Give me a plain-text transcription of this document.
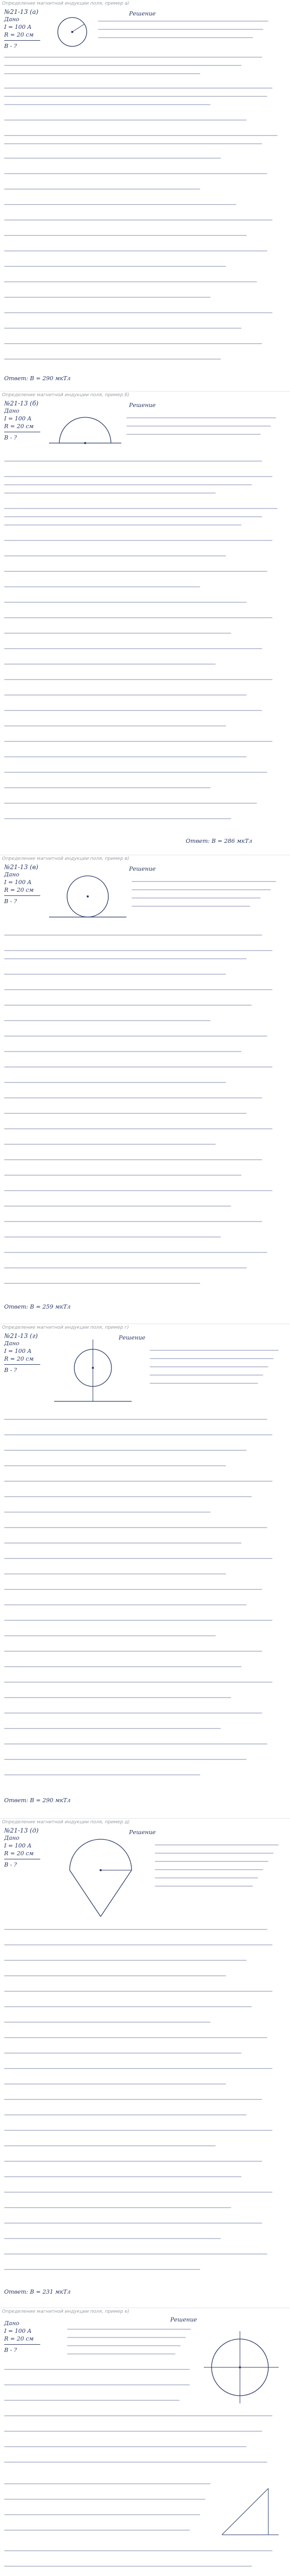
Определение магнитной индукции поля, пример a)
№21-13 (а)
Дано
I = 100 A
R = 20 см
B - ?
Решение
Ответ: B = 290 мкТл
Определение магнитной индукции поля, пример б)
№21-13 (б)
Дано
I = 100 A
R = 20 см
B - ?
Решение
Ответ: B = 286 мкТл
Определение магнитной индукции поля, пример в)
№21-13 (в)
Дано
I = 100 A
R = 20 см
B - ?
Решение
Ответ: B = 259 мкТл
Определение магнитной индукции поля, пример г)
№21-13 (г)
Дано
I = 100 A
R = 20 см
B - ?
Решение
Ответ: B = 290 мкТл
Определение магнитной индукции поля, пример д)
№21-13 (д)
Дано
I = 100 A
R = 20 см
B - ?
Решение
Ответ: B = 231 мкТл
Определение магнитной индукции поля, пример е)
Дано
I = 100 A
R = 20 см
B - ?
Решение
